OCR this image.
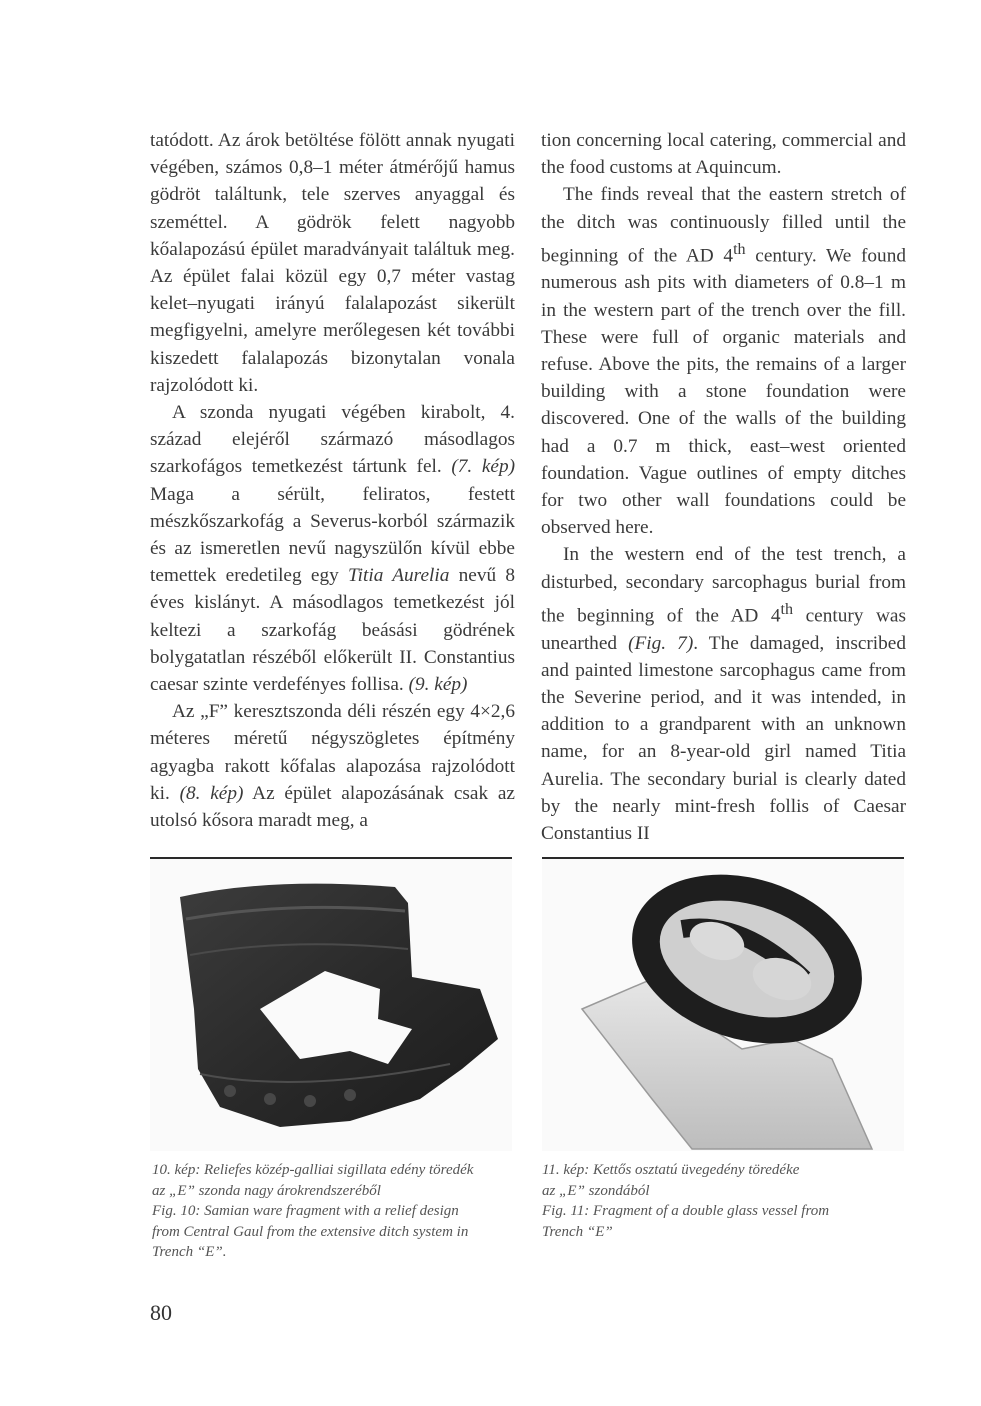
tatódott. Az árok betöltése fölött annak nyugati végében, számos 0,8–1 méter átmérőjű hamus gödröt találtunk, tele szerves anyaggal és szeméttel. A gödrök felett nagyobb kőalapozású épület maradványait találtuk meg. Az épület falai közül egy 0,7 méter vastag kelet–nyugati irányú falalapozást sikerült megfigyelni, amelyre merőlegesen két további kiszedett falalapozás bizonytalan vonala rajzolódott ki.

A szonda nyugati végében kirabolt, 4. század elejéről származó másodlagos szarkofágos temetkezést tártunk fel. (7. kép) Maga a sérült, feliratos, festett mészkőszarkofág a Severus-korból származik és az ismeretlen nevű nagyszülőn kívül ebbe temettek eredetileg egy Titia Aurelia nevű 8 éves kislányt. A másodlagos temetkezést jól keltezi a szarkofág beásási gödrének bolygatatlan részéből előkerült II. Constantius caesar szinte verdefényes follisa. (9. kép)

Az „F” keresztszonda déli részén egy 4×2,6 méteres méretű négyszögletes építmény agyagba rakott kőfalas alapozása rajzolódott ki. (8. kép) Az épület alapozásának csak az utolsó kősora maradt meg, a

tion concerning local catering, commercial and the food customs at Aquincum.

The finds reveal that the eastern stretch of the ditch was continuously filled until the beginning of the AD 4th century. We found numerous ash pits with diameters of 0.8–1 m in the western part of the trench over the fill. These were full of organic materials and refuse. Above the pits, the remains of a larger building with a stone foundation were discovered. One of the walls of the building had a 0.7 m thick, east–west oriented foundation. Vague outlines of empty ditches for two other wall foundations could be observed here.

In the western end of the test trench, a disturbed, secondary sarcophagus burial from the beginning of the AD 4th century was unearthed (Fig. 7). The damaged, inscribed and painted limestone sarcophagus came from the Severine period, and it was intended, in addition to a grandparent with an unknown name, for an 8-year-old girl named Titia Aurelia. The secondary burial is clearly dated by the nearly mint-fresh follis of Caesar Constantius II

10. kép: Reliefes közép-galliai sigillata edény töredék
az „E” szonda nagy árokrendszeréből
Fig. 10: Samian ware fragment with a relief design
from Central Gaul from the extensive ditch system in
Trench “E”.
11. kép: Kettős osztatú üvegedény töredéke
az „E” szondából
Fig. 11: Fragment of a double glass vessel from
Trench “E”
80
